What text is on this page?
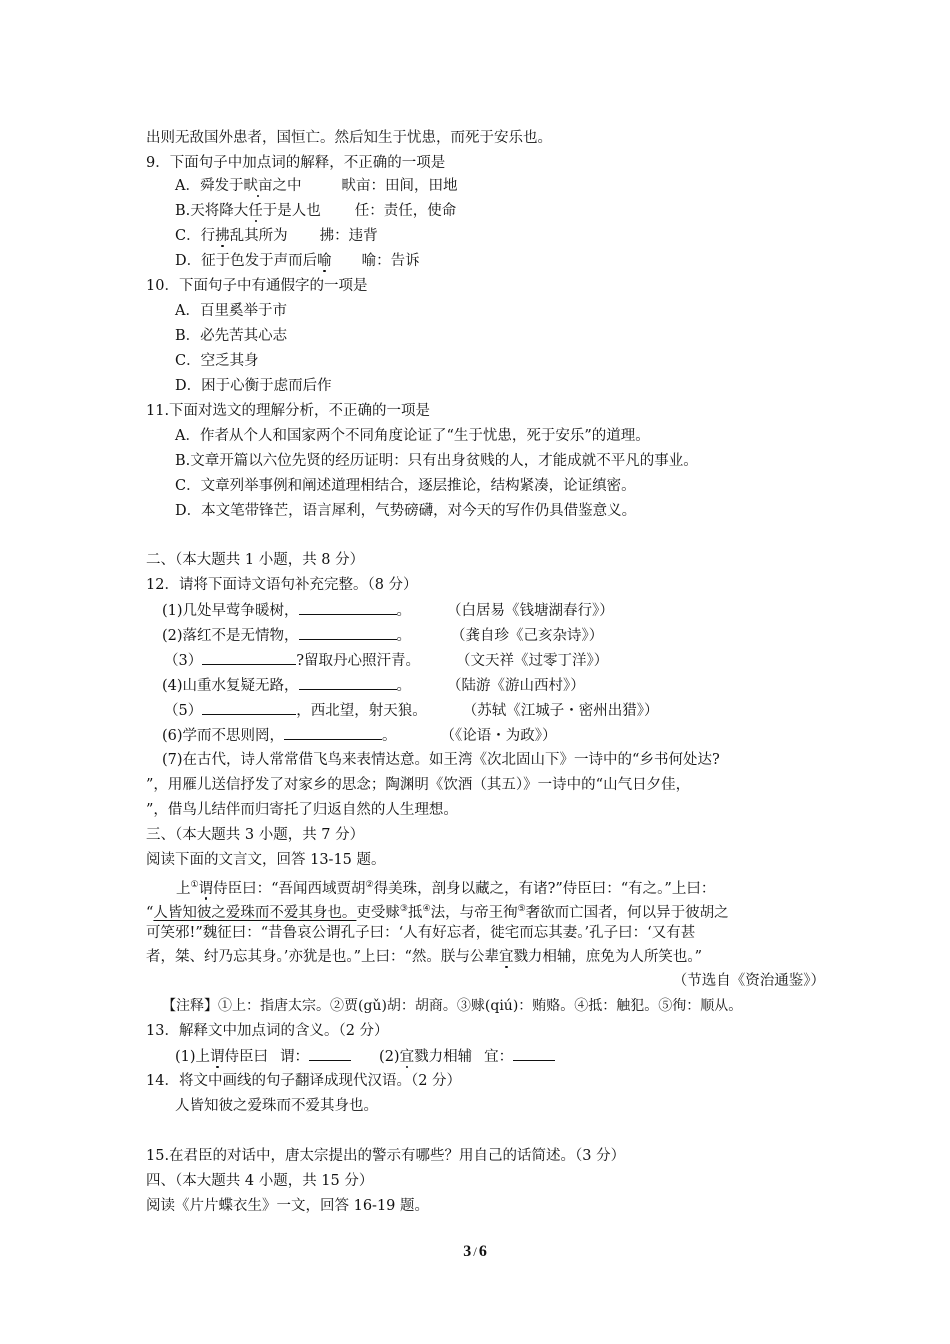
出则无敌国外患者，国恒亡。然后知生于忧患，而死于安乐也。
9．下面句子中加点词的解释，不正确的一项是
A．舜发于畎亩之中	畎亩：田间，田地
B.天将降大任于是人也 任：责任，使命
C．行拂乱其所为 拂：违背
D．征于色发于声而后喻 喻：告诉
10．下面句子中有通假字的一项是
A．百里奚举于市
B．必先苦其心志
C．空乏其身
D．困于心衡于虑而后作
11.下面对选文的理解分析，不正确的一项是
A．作者从个人和国家两个不同角度论证了“生于忧患，死于安乐”的道理。
B.文章开篇以六位先贤的经历证明：只有出身贫贱的人，才能成就不平凡的事业。
C．文章列举事例和阐述道理相结合，逐层推论，结构紧凑，论证缜密。
D．本文笔带锋芒，语言犀利，气势磅礴，对今天的写作仍具借鉴意义。
二、（本大题共 1 小题，共 8 分）
12．请将下面诗文语句补充完整。（8 分）
(1)几处早莺争暖树，	。 （白居易《钱塘湖春行》）
(2)落红不是无情物，	。	（龚自珍《己亥杂诗》）
（3）	?留取丹心照汗青。 （文天祥《过零丁洋》）
(4)山重水复疑无路，	。 （陆游《游山西村》）
（5）	，西北望，射天狼。 （苏轼《江城子・密州出猎》）
(6)学而不思则罔，	。	（《论语・为政》）
(7)在古代，诗人常常借飞鸟来表情达意。如王湾《次北固山下》一诗中的“乡书何处达?
”，用雁儿送信抒发了对家乡的思念；陶渊明《饮酒（其五）》一诗中的“山气日夕佳，
”，借鸟儿结伴而归寄托了归返自然的人生理想。
三、（本大题共 3 小题，共 7 分）
阅读下面的文言文，回答 13-15 题。
上①谓侍臣曰：“吾闻西域贾胡②得美珠，剖身以藏之，有诸?”侍臣曰：“有之。”上曰：
“人皆知彼之爱珠而不爱其身也。吏受赇③抵④法，与帝王徇⑤奢欲而亡国者，何以异于彼胡之
可笑邪!”魏征曰：“昔鲁哀公谓孔子曰：‘人有好忘者，徙宅而忘其妻。’孔子曰：‘又有甚
者，桀、纣乃忘其身。’亦犹是也。”上曰：“然。朕与公辈宜戮力相辅，庶免为人所笑也。”
（节选自《资治通鉴》）
【注释】①上：指唐太宗。②贾(gǔ)胡：胡商。③赇(qiú)：贿赂。④抵：触犯。⑤徇：顺从。
13．解释文中加点词的含义。（2 分）
(1)上谓侍臣曰 谓：	(2)宜戮力相辅 宜：
14．将文中画线的句子翻译成现代汉语。（2 分）
人皆知彼之爱珠而不爱其身也。
15.在君臣的对话中，唐太宗提出的警示有哪些？用自己的话简述。（3 分）
四、（本大题共 4 小题，共 15 分）
阅读《片片蝶衣生》一文，回答 16-19 题。
3 / 6
